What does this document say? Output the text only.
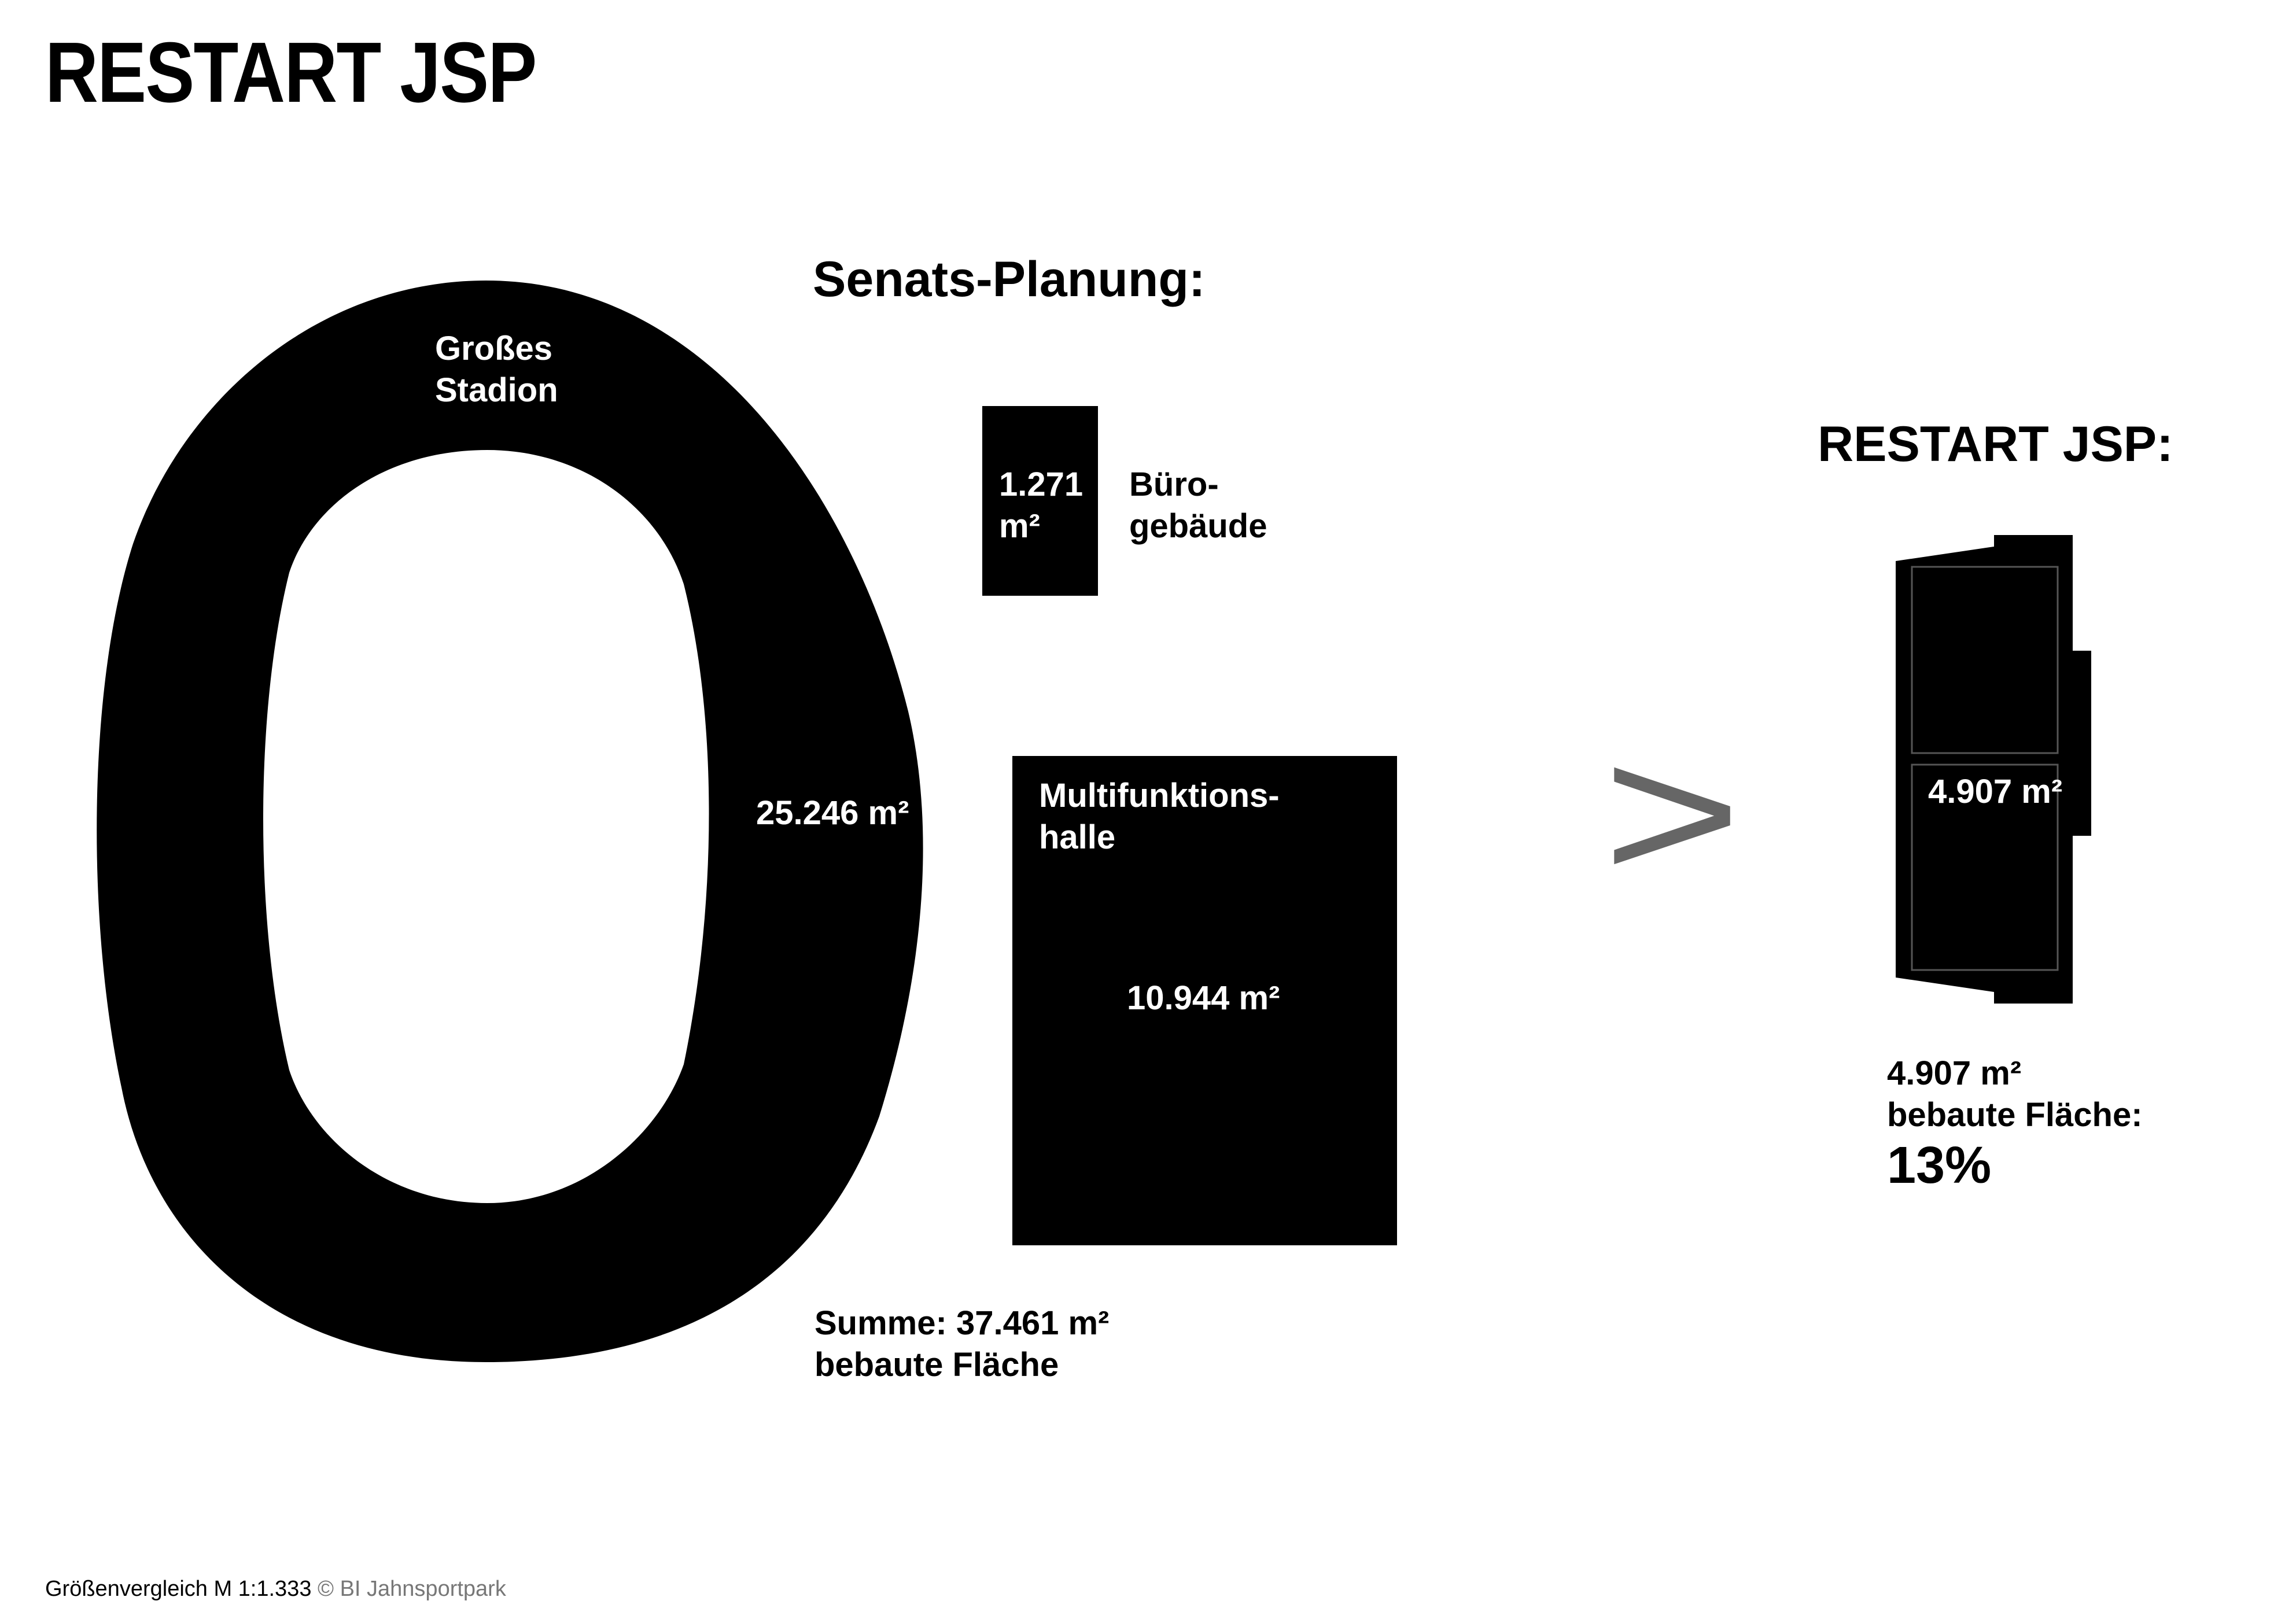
RESTART JSP
Senats-Planung:
Großes
Stadion
25.246 m²
1.271
m²
Büro-
gebäude
Multifunktions-
halle
10.944 m²
Summe: 37.461 m²
bebaute Fläche
>
RESTART JSP:
4.907 m²
4.907 m²
bebaute Fläche:
13%
Größenvergleich M 1:1.333 © BI Jahnsportpark
